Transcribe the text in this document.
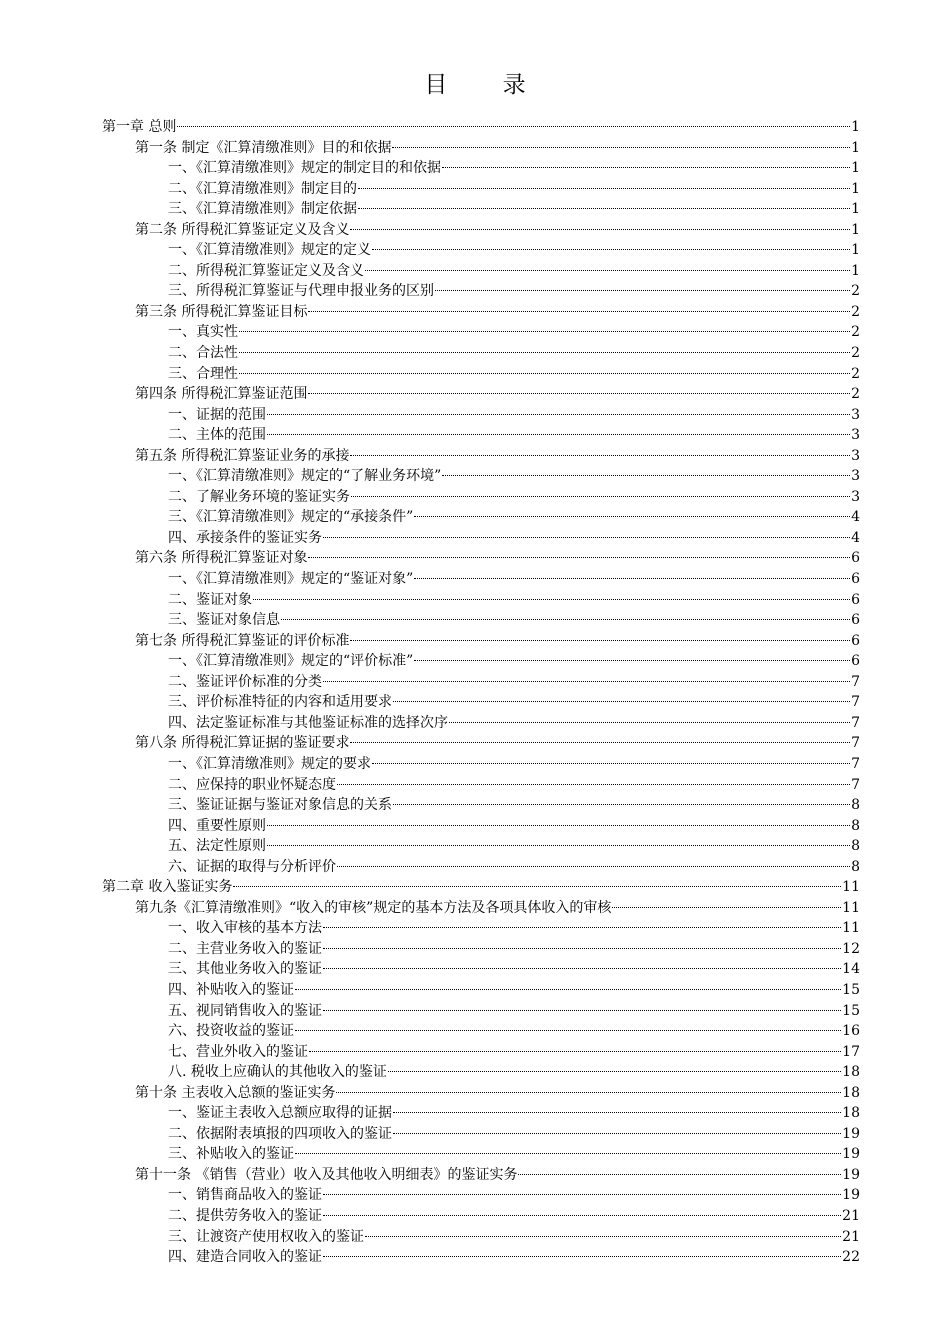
目 录
第一章 总则	1
第一条 制定《汇算清缴准则》目的和依据	1
一、《汇算清缴准则》规定的制定目的和依据	1
二、《汇算清缴准则》制定目的	1
三、《汇算清缴准则》制定依据	1
第二条 所得税汇算鉴证定义及含义	1
一、《汇算清缴准则》规定的定义	1
二、所得税汇算鉴证定义及含义	1
三、所得税汇算鉴证与代理申报业务的区别	2
第三条 所得税汇算鉴证目标	2
一、真实性	2
二、合法性	2
三、合理性	2
第四条 所得税汇算鉴证范围	2
一、证据的范围	3
二、主体的范围	3
第五条 所得税汇算鉴证业务的承接	3
一、《汇算清缴准则》规定的“了解业务环境”	3
二、了解业务环境的鉴证实务	3
三、《汇算清缴准则》规定的“承接条件”	4
四、承接条件的鉴证实务	4
第六条 所得税汇算鉴证对象	6
一、《汇算清缴准则》规定的“鉴证对象”	6
二、鉴证对象	6
三、鉴证对象信息	6
第七条 所得税汇算鉴证的评价标准	6
一、《汇算清缴准则》规定的“评价标准”	6
二、鉴证评价标准的分类	7
三、评价标准特征的内容和适用要求	7
四、法定鉴证标准与其他鉴证标准的选择次序	7
第八条 所得税汇算证据的鉴证要求	7
一、《汇算清缴准则》规定的要求	7
二、应保持的职业怀疑态度	7
三、鉴证证据与鉴证对象信息的关系	8
四、重要性原则	8
五、法定性原则	8
六、证据的取得与分析评价	8
第二章 收入鉴证实务	11
第九条《汇算清缴准则》“收入的审核”规定的基本方法及各项具体收入的审核	11
一、收入审核的基本方法	11
二、主营业务收入的鉴证	12
三、其他业务收入的鉴证	14
四、补贴收入的鉴证	15
五、视同销售收入的鉴证	15
六、投资收益的鉴证	16
七、营业外收入的鉴证	17
八. 税收上应确认的其他收入的鉴证	18
第十条 主表收入总额的鉴证实务	18
一、鉴证主表收入总额应取得的证据	18
二、依据附表填报的四项收入的鉴证	19
三、补贴收入的鉴证	19
第十一条 《销售（营业）收入及其他收入明细表》的鉴证实务	19
一、销售商品收入的鉴证	19
二、提供劳务收入的鉴证	21
三、让渡资产使用权收入的鉴证	21
四、建造合同收入的鉴证	22
